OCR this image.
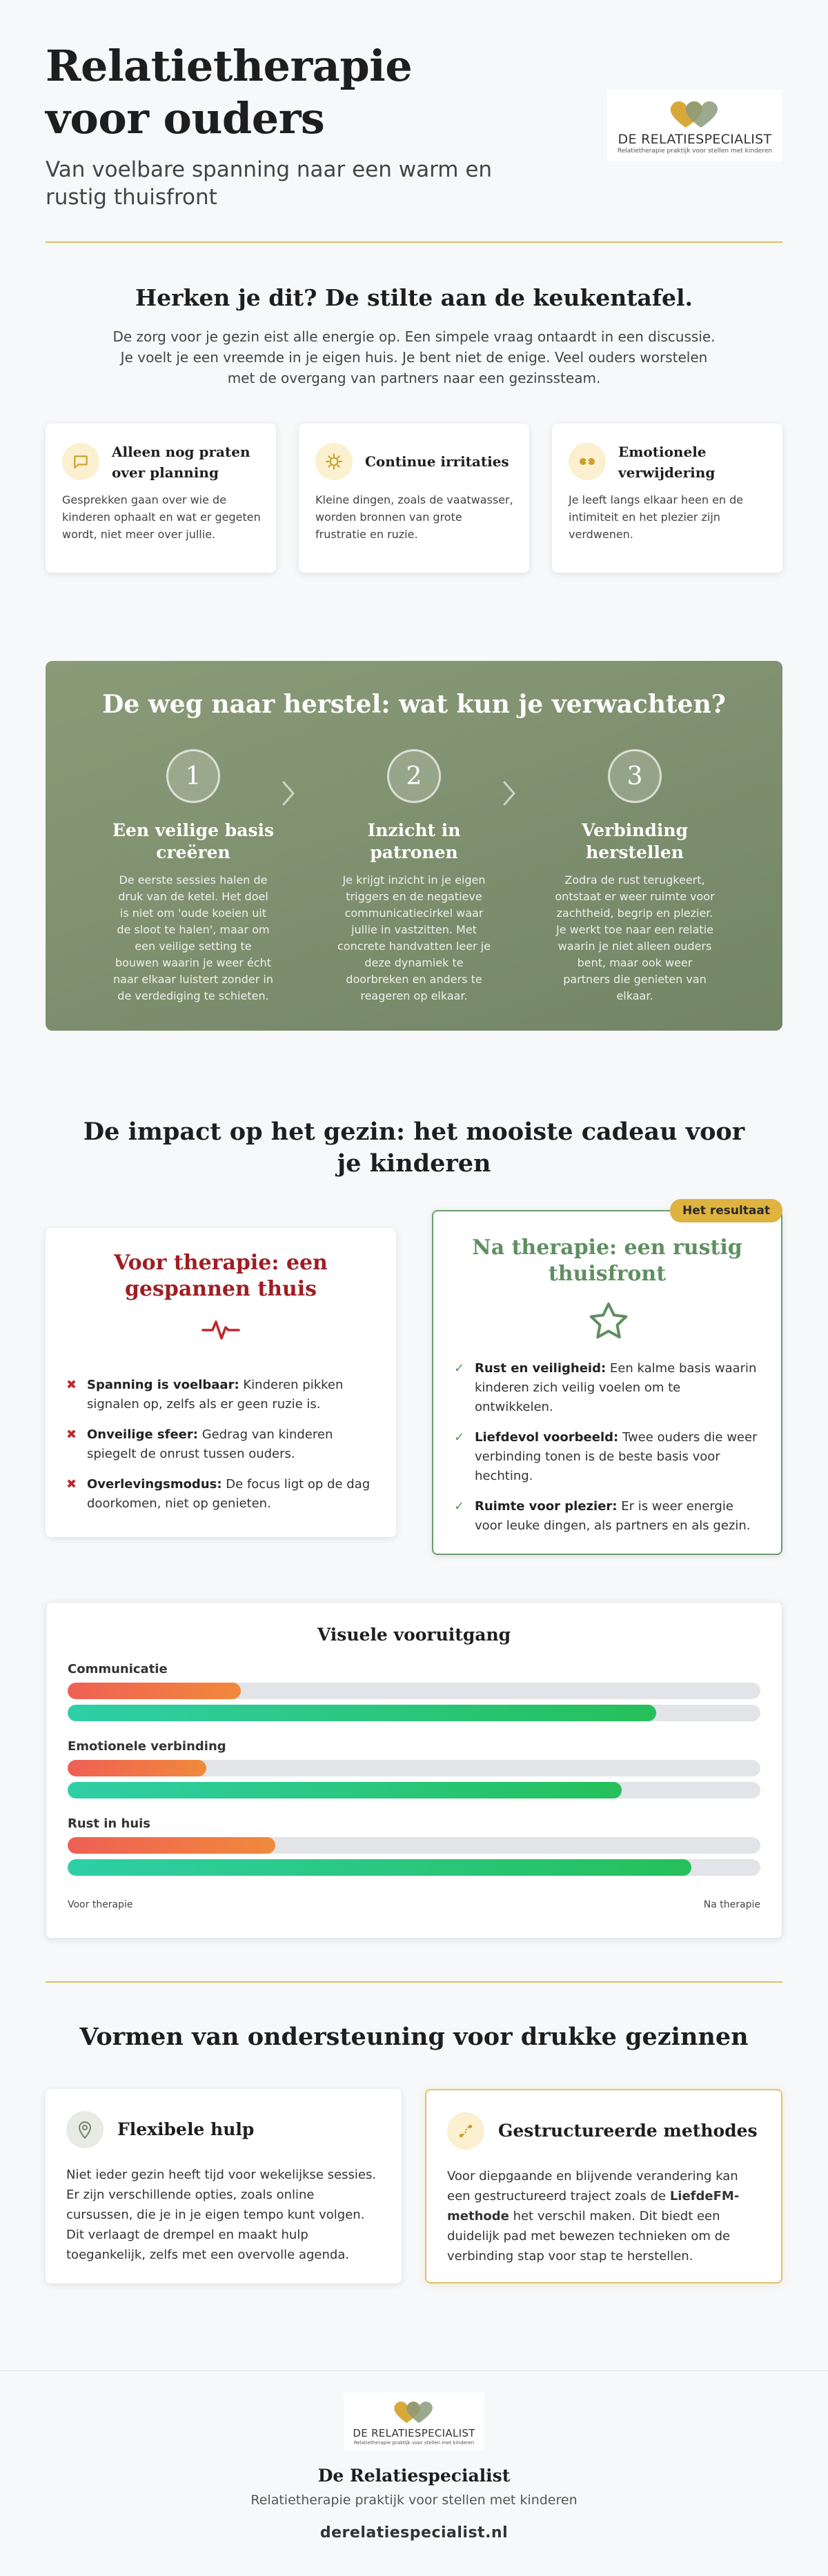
Relatietherapie voor ouders
Van voelbare spanning naar een warm en rustig thuisfront
DE RELATIESPECIALIST
Relatietherapie praktijk voor stellen met kinderen
Herken je dit? De stilte aan de keukentafel.

De zorg voor je gezin eist alle energie op. Een simpele vraag ontaardt in een discussie. Je voelt je een vreemde in je eigen huis. Je bent niet de enige. Veel ouders worstelen met de overgang van partners naar een gezinssteam.

Alleen nog praten over planning

Gesprekken gaan over wie de kinderen ophaalt en wat er gegeten wordt, niet meer over jullie.

Continue irritaties

Kleine dingen, zoals de vaatwasser, worden bronnen van grote frustratie en ruzie.

Emotionele verwijdering

Je leeft langs elkaar heen en de intimiteit en het plezier zijn verdwenen.

De weg naar herstel: wat kun je verwachten?
1
Een veilige basis creëren

De eerste sessies halen de druk van de ketel. Het doel is niet om 'oude koeien uit de sloot te halen', maar om een veilige setting te bouwen waarin je weer écht naar elkaar luistert zonder in de verdediging te schieten.

2
Inzicht in patronen

Je krijgt inzicht in je eigen triggers en de negatieve communicatiecirkel waar jullie in vastzitten. Met concrete handvatten leer je deze dynamiek te doorbreken en anders te reageren op elkaar.

3
Verbinding herstellen

Zodra de rust terugkeert, ontstaat er weer ruimte voor zachtheid, begrip en plezier. Je werkt toe naar een relatie waarin je niet alleen ouders bent, maar ook weer partners die genieten van elkaar.

De impact op het gezin: het mooiste cadeau voor je kinderen
Voor therapie: een gespannen thuis
✖ Spanning is voelbaar: Kinderen pikken signalen op, zelfs als er geen ruzie is.
✖ Onveilige sfeer: Gedrag van kinderen spiegelt de onrust tussen ouders.
✖ Overlevingsmodus: De focus ligt op de dag doorkomen, niet op genieten.
Het resultaat
Na therapie: een rustig thuisfront
✓ Rust en veiligheid: Een kalme basis waarin kinderen zich veilig voelen om te ontwikkelen.
✓ Liefdevol voorbeeld: Twee ouders die weer verbinding tonen is de beste basis voor hechting.
✓ Ruimte voor plezier: Er is weer energie voor leuke dingen, als partners en als gezin.
Visuele vooruitgang
Communicatie
Emotionele verbinding
Rust in huis
Voor therapie	Na therapie
Vormen van ondersteuning voor drukke gezinnen
Flexibele hulp

Niet ieder gezin heeft tijd voor wekelijkse sessies. Er zijn verschillende opties, zoals online cursussen, die je in je eigen tempo kunt volgen. Dit verlaagt de drempel en maakt hulp toegankelijk, zelfs met een overvolle agenda.

Gestructureerde methodes

Voor diepgaande en blijvende verandering kan een gestructureerd traject zoals de LiefdeFM-methode het verschil maken. Dit biedt een duidelijk pad met bewezen technieken om de verbinding stap voor stap te herstellen.

DE RELATIESPECIALIST
Relatietherapie praktijk voor stellen met kinderen
De Relatiespecialist
Relatietherapie praktijk voor stellen met kinderen
derelatiespecialist.nl
